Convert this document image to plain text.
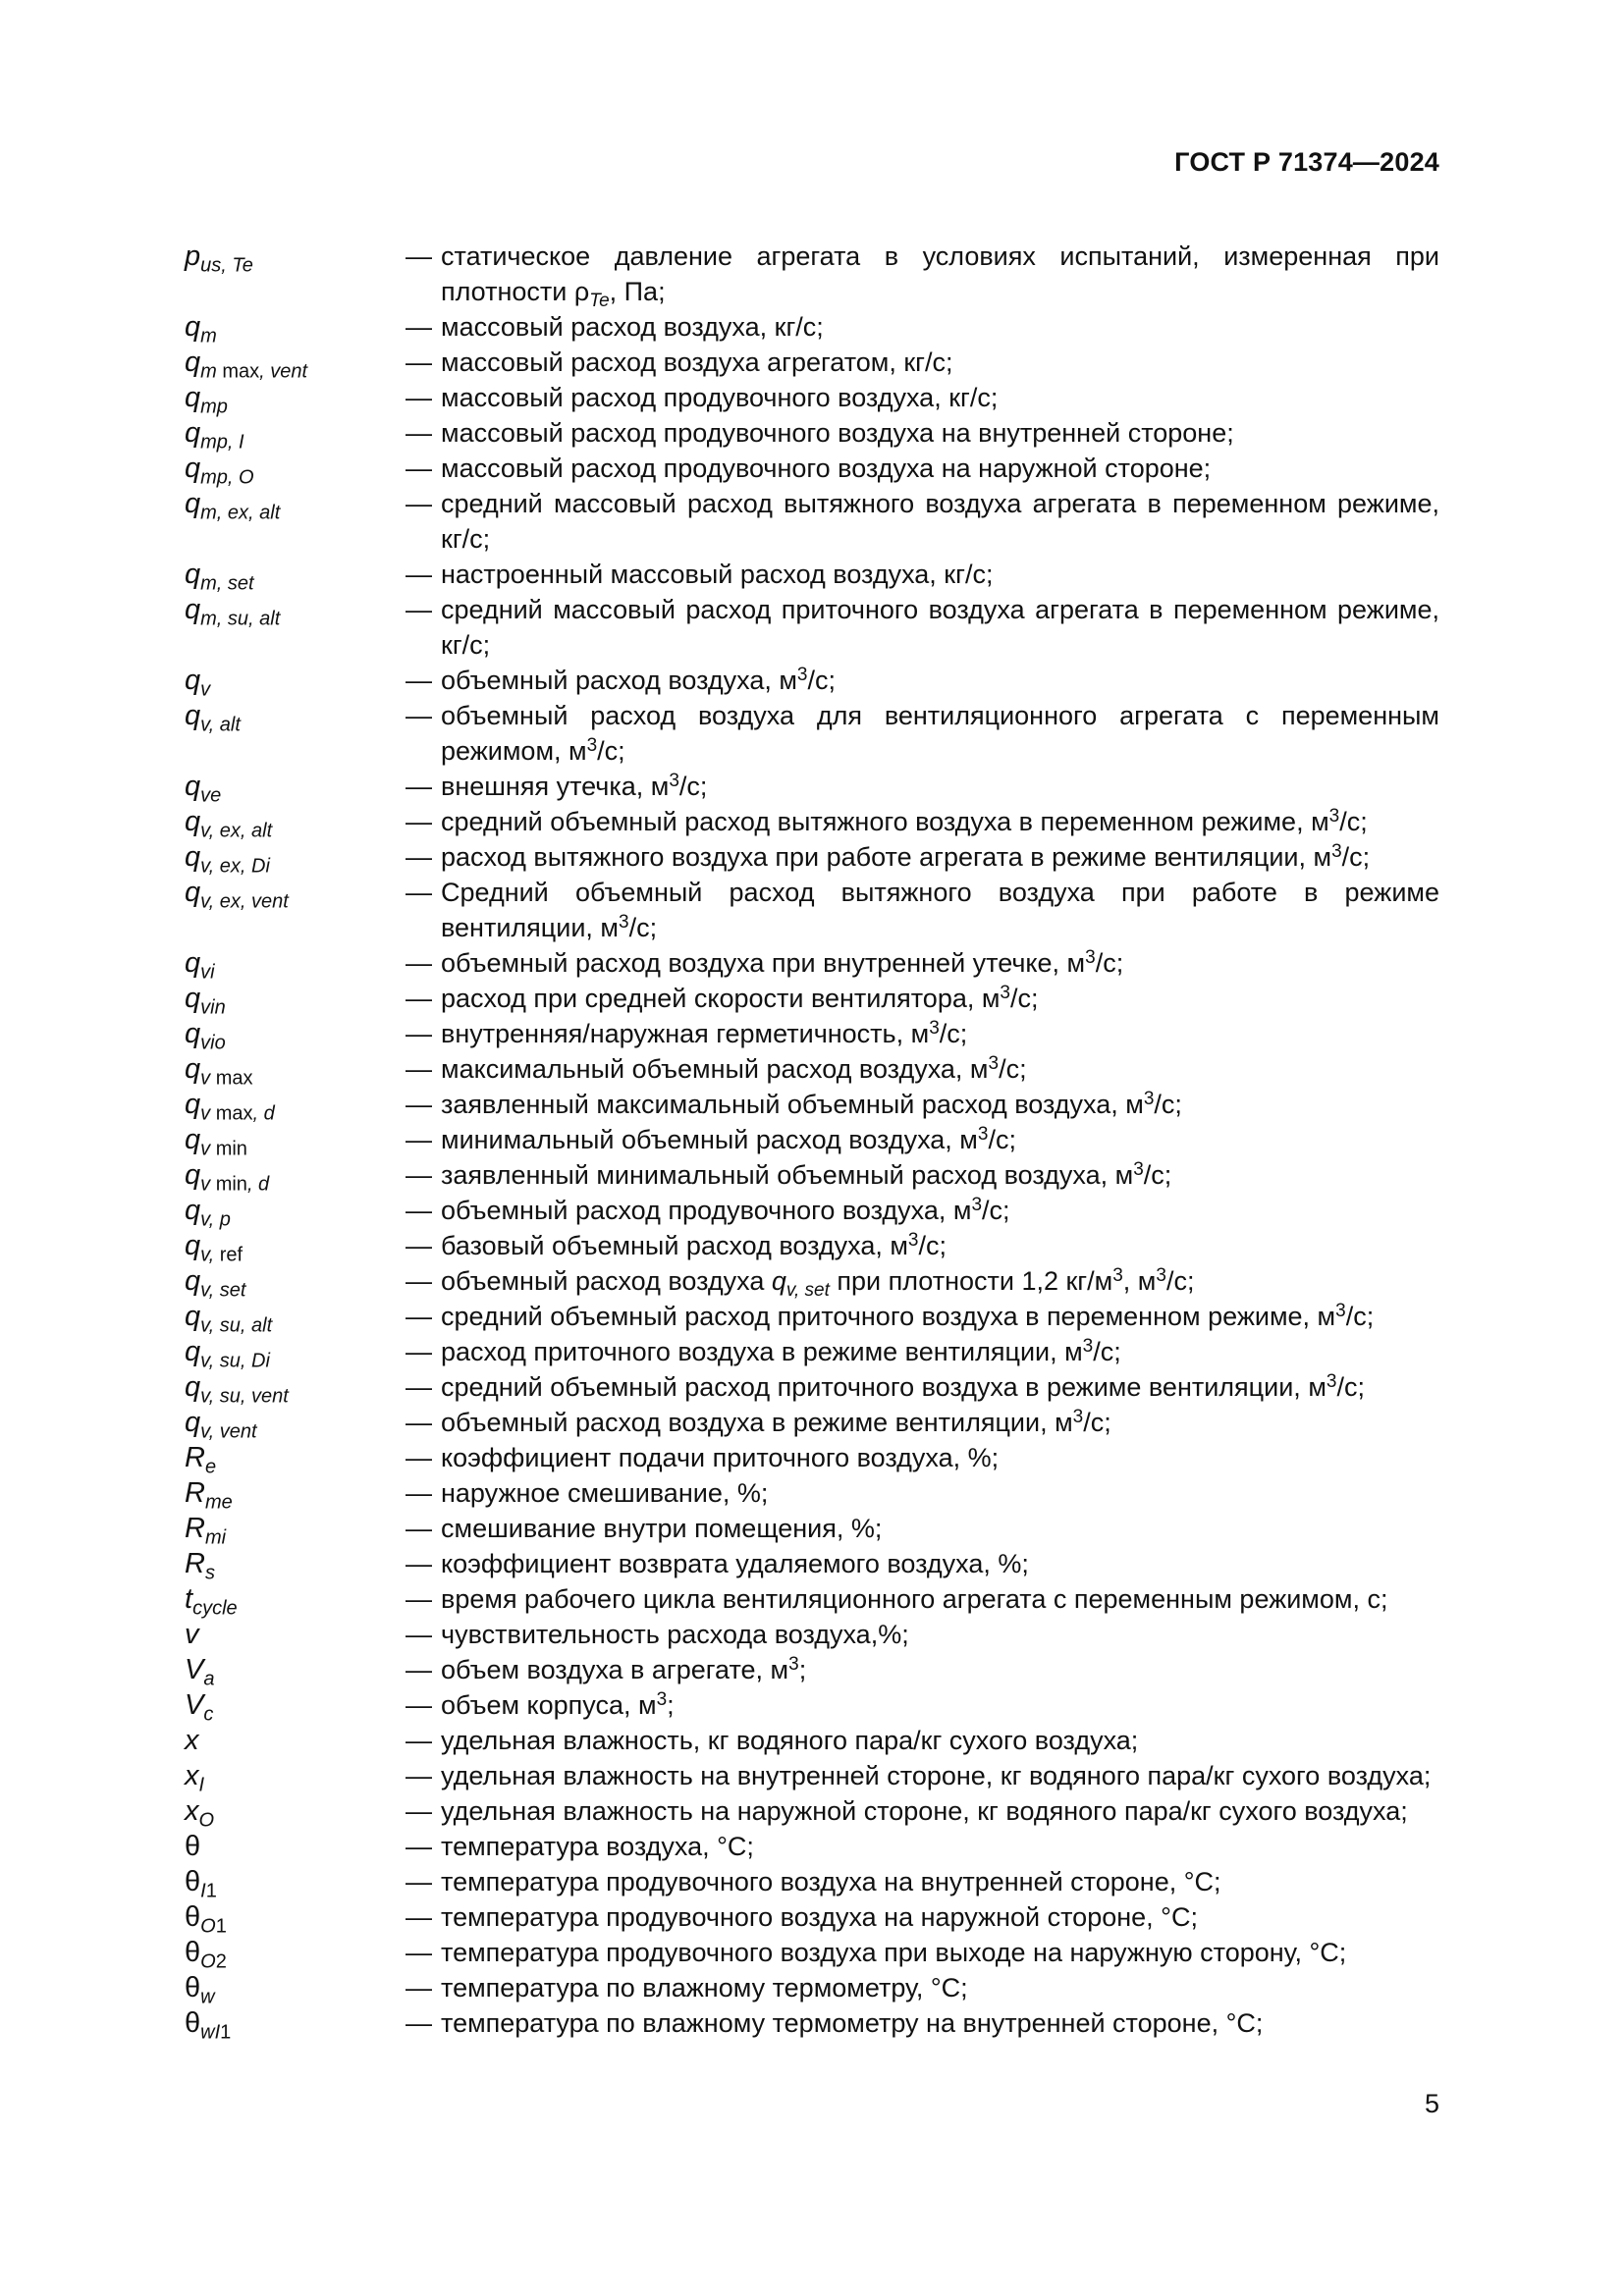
ГОСТ Р 71374—2024
$p_{us, Te}$	— статическое давление агрегата в условиях испытаний, измеренная при плотности $\rho_{Te}$, Па;
$q_m$	— массовый расход воздуха, кг/с;
$q_m$ $_{max, vent}$	— массовый расход воздуха агрегатом, кг/с;
$q_{mp}$	— массовый расход продувочного воздуха, кг/с;
$q_{mp, I}$	— массовый расход продувочного воздуха на внутренней стороне;
$q_{mp, O}$	— массовый расход продувочного воздуха на наружной стороне;
$q_{m, ex, alt}$	— средний массовый расход вытяжного воздуха агрегата в переменном режиме, кг/с;
$q_{m, set}$	— настроенный массовый расход воздуха, кг/с;
$q_{m, su, alt}$	— средний массовый расход приточного воздуха агрегата в переменном режиме, кг/с;
$q_v$	— объемный расход воздуха, $м^3/с$;
$q_{v, alt}$	— объемный расход воздуха для вентиляционного агрегата с переменным режимом, $м^3/с$;
$q_{ve}$	— внешняя утечка, $м^3/с$;
$q_{v, ex, alt}$	— средний объемный расход вытяжного воздуха в переменном режиме, $м^3/с$;
$q_{v, ex, Di}$	— расход вытяжного воздуха при работе агрегата в режиме вентиляции, $м^3/с$;
$q_{v, ex, vent}$	— Средний объемный расход вытяжного воздуха при работе в режиме вентиляции, $м^3/с$;
$q_{vi}$	— объемный расход воздуха при внутренней утечке, $м^3/с$;
$q_{vin}$	— расход при средней скорости вентилятора, $м^3/с$;
$q_{vio}$	— внутренняя/наружная герметичность, $м^3/с$;
$q_v$ $_{max}$	— максимальный объемный расход воздуха, $м^3/с$;
$q_v$ $_{max, d}$	— заявленный максимальный объемный расход воздуха, $м^3/с$;
$q_v$ $_{min}$	— минимальный объемный расход воздуха, $м^3/с$;
$q_v$ $_{min, d}$	— заявленный минимальный объемный расход воздуха, $м^3/с$;
$q_{v, p}$	— объемный расход продувочного воздуха, $м^3/с$;
$q_{v,}$ $_{ref}$	— базовый объемный расход воздуха, $м^3/с$;
$q_{v, set}$	— объемный расход воздуха $q_{v, set}$ при плотности 1,2 $кг/м^3$, $м^3/с$;
$q_{v, su, alt}$	— средний объемный расход приточного воздуха в переменном режиме, $м^3/с$;
$q_{v, su, Di}$	— расход приточного воздуха в режиме вентиляции, $м^3/с$;
$q_{v, su, vent}$	— средний объемный расход приточного воздуха в режиме вентиляции, $м^3/с$;
$q_{v, vent}$	— объемный расход воздуха в режиме вентиляции, $м^3/с$;
$R_e$	— коэффициент подачи приточного воздуха, %;
$R_{me}$	— наружное смешивание, %;
$R_{mi}$	— смешивание внутри помещения, %;
$R_s$	— коэффициент возврата удаляемого воздуха, %;
$t_{cycle}$	— время рабочего цикла вентиляционного агрегата с переменным режимом, с;
v	— чувствительность расхода воздуха,%;
$V_a$	— объем воздуха в агрегате, $м^3$;
$V_c$	— объем корпуса, $м^3$;
x	— удельная влажность, кг водяного пара/кг сухого воздуха;
$x_I$	— удельная влажность на внутренней стороне, кг водяного пара/кг сухого воздуха;
$x_O$	— удельная влажность на наружной стороне, кг водяного пара/кг сухого воздуха;
θ	— температура воздуха, °С;
$\theta_{I1}$	— температура продувочного воздуха на внутренней стороне, °С;
$\theta_{O1}$	— температура продувочного воздуха на наружной стороне, °С;
$\theta_{O2}$	— температура продувочного воздуха при выходе на наружную сторону, °С;
$\theta_w$	— температура по влажному термометру, °С;
$\theta_{wI1}$	— температура по влажному термометру на внутренней стороне, °С;
5
